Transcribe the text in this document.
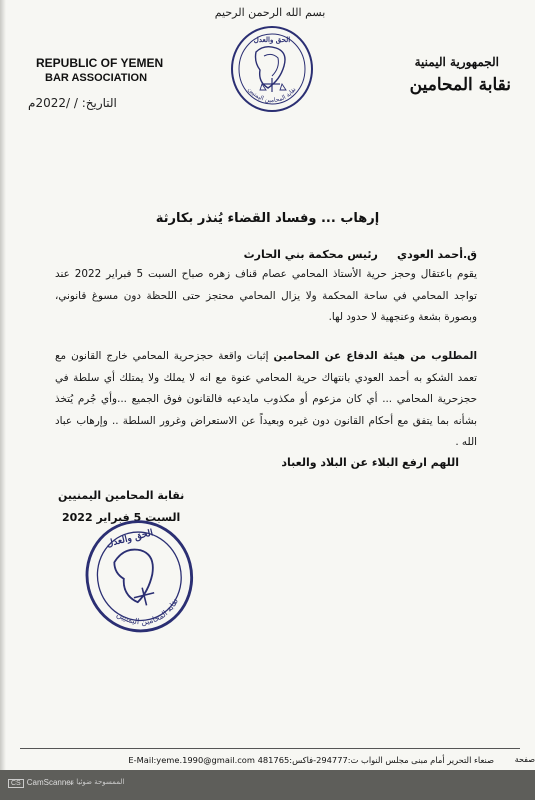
بسم الله الرحمن الرحيم
الحق والعدل
نقابة المحامين اليمنيين
REPUBLIC OF YEMEN
BAR ASSOCIATION
التاريخ: / /2022م
الجمهورية اليمنية
نقابة المحامين
إرهاب ... وفساد القضاء يُنذر بكارثة
ق.أحمد العودي     رئيس محكمة بني الحارث

يقوم باعتقال وحجز حرية الأستاذ المحامي عصام قناف زهره صباح السبت 5 فبراير 2022 عند تواجد المحامي في ساحة المحكمة ولا يزال المحامي محتجز حتى اللحظة دون مسوغ قانوني، وبصورة بشعة وعنجهية لا حدود لها.

المطلوب من هيئة الدفاع عن المحامين إثبات واقعة حجزحرية المحامي خارج القانون مع تعمد الشكو به أحمد العودي بانتهاك حرية المحامي عنوة مع انه لا يملك ولا يمتلك أي سلطة في حجزحرية المحامي ... أي كان مزعوم أو مكذوب مايدعيه فالقانون فوق الجميع ...وأي جُرم يُتخذ بشأنه بما يتفق مع أحكام القانون دون غيره وبعيداً عن الاستعراض وغرور السلطة .. وإرهاب عباد الله .

اللهم ارفع البلاء عن البلاد والعباد
نقابة المحامين اليمنيين
السبت 5 فبراير 2022
الحق والعدل
نقابة المحامين اليمنيين
صنعاء التحرير أمام مبنى مجلس النواب ت:294777-فاكس:481765 E-Mail:yeme.1990@gmail.com	صفحة
CS CamScanner
الممسوحة ضوئيا بـ
